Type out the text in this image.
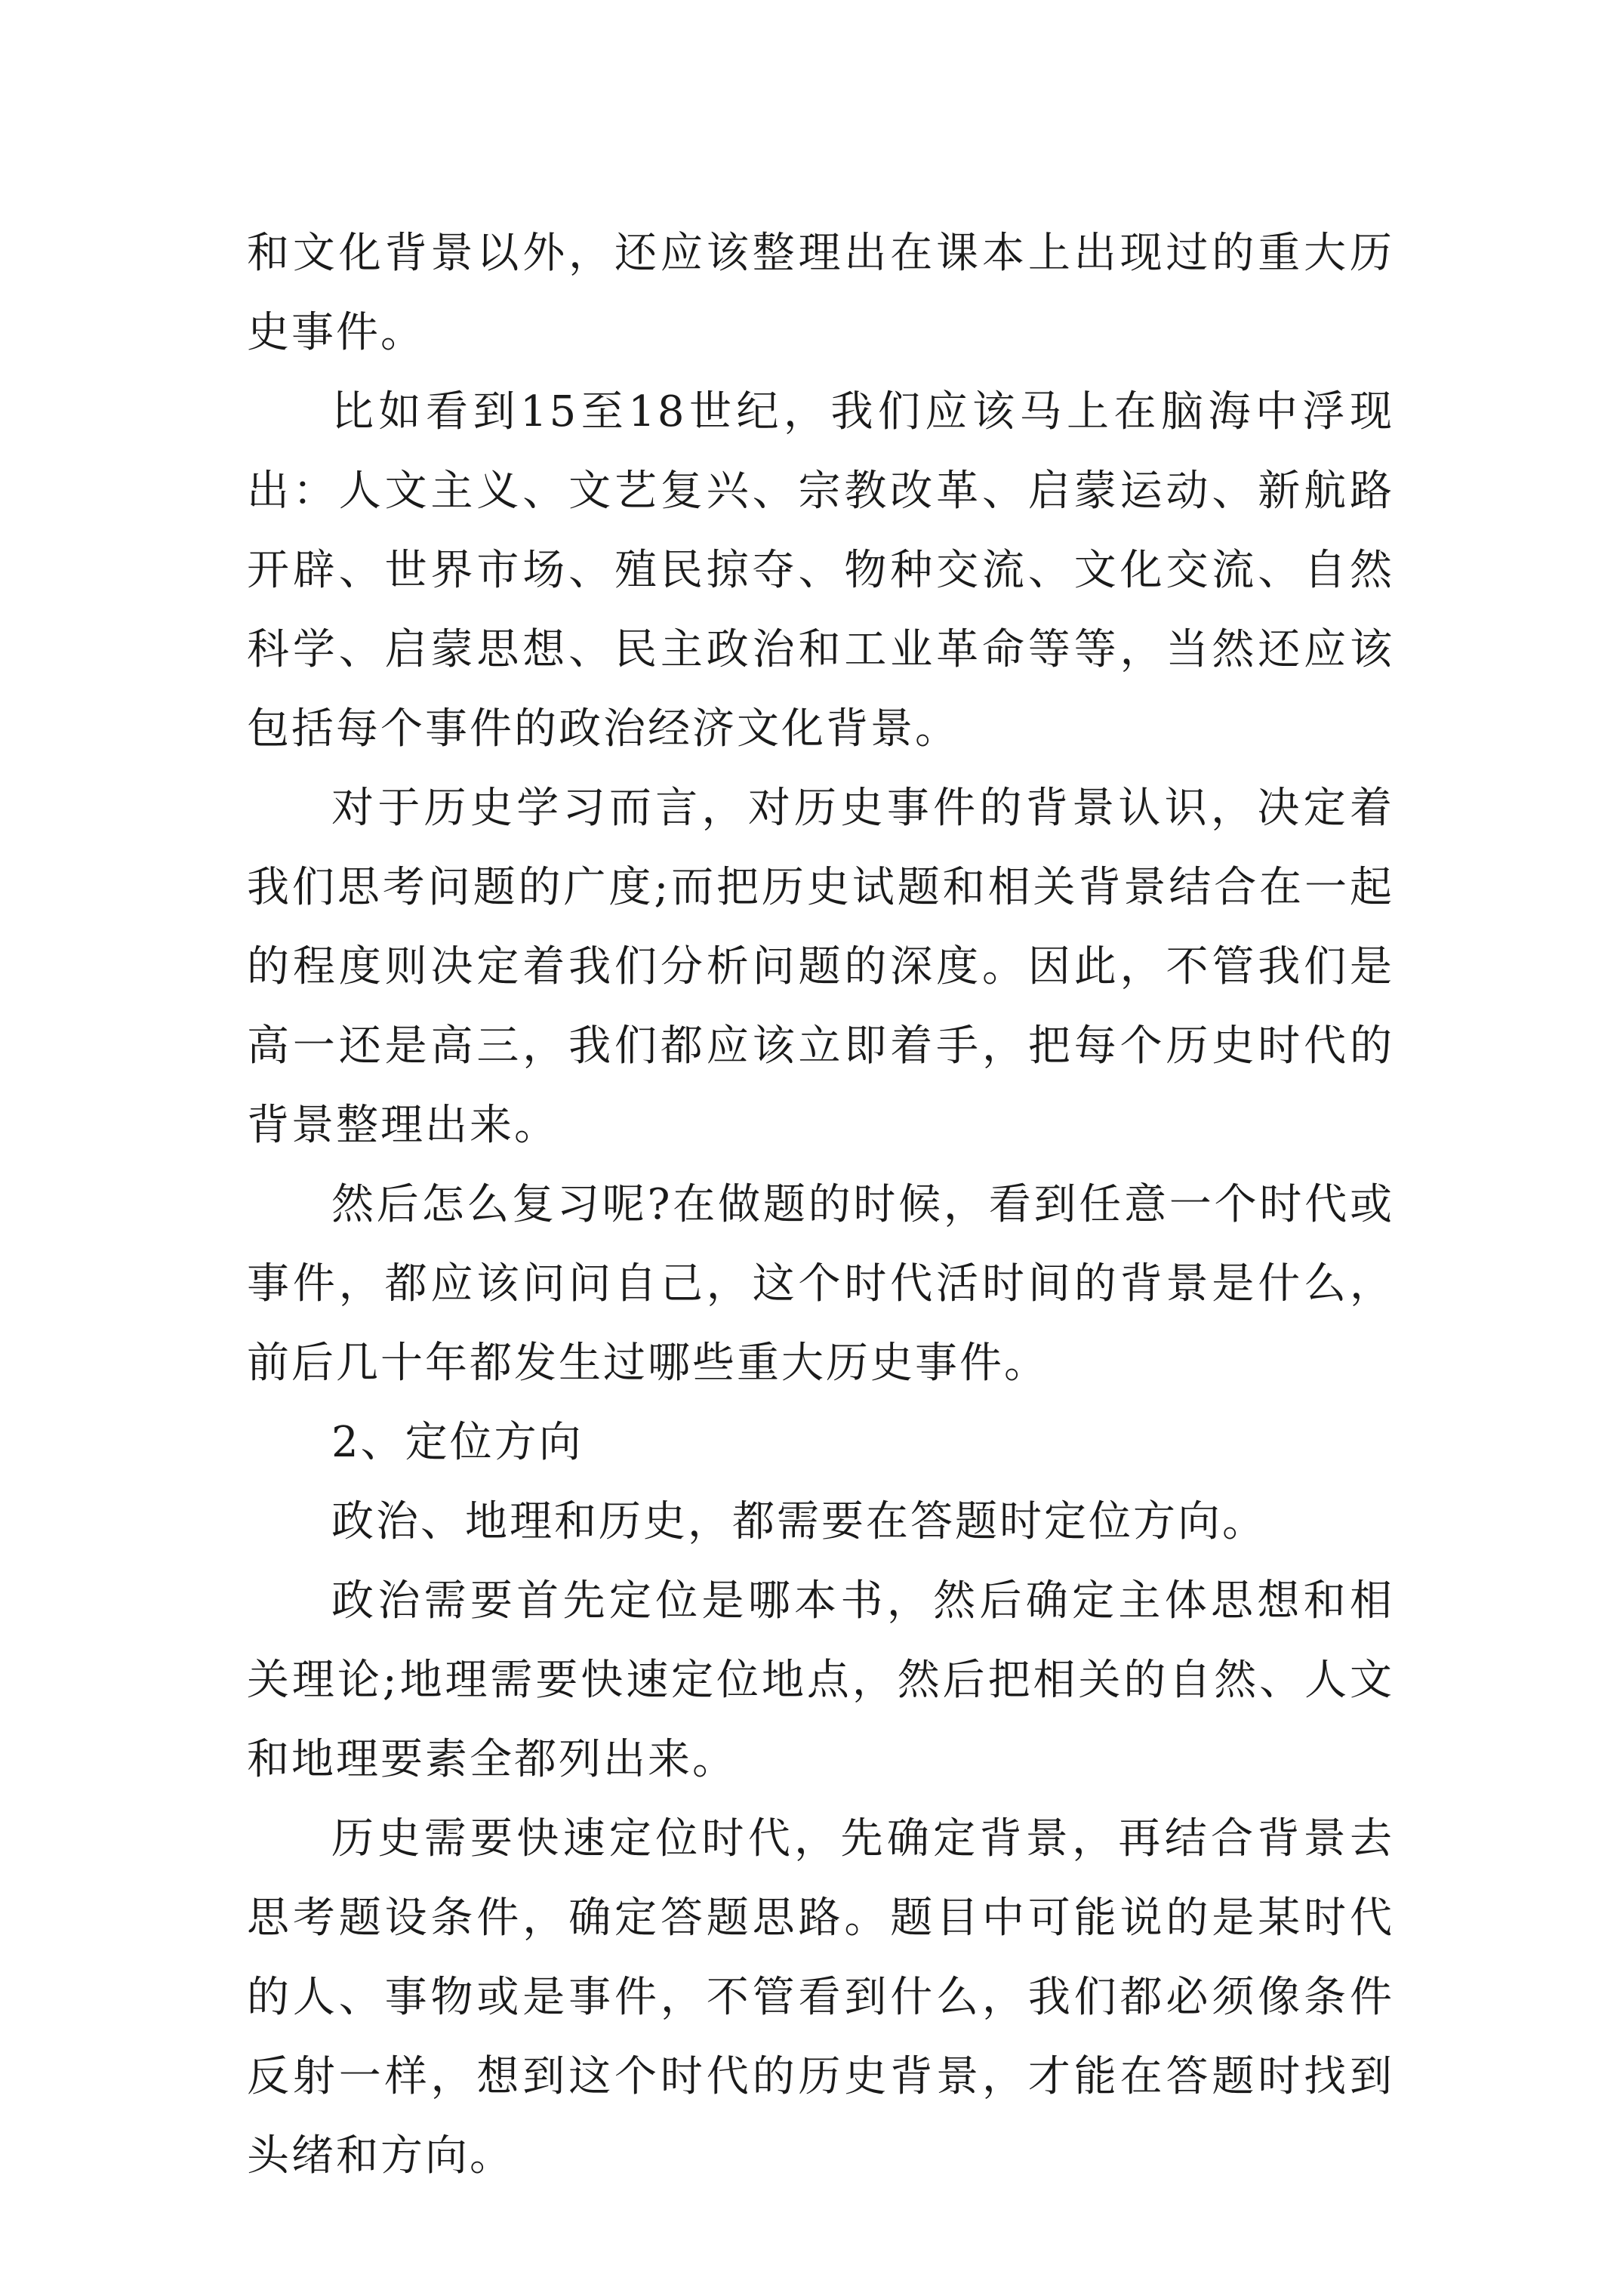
和文化背景以外，还应该整理出在课本上出现过的重大历史事件。

比如看到15至18世纪，我们应该马上在脑海中浮现出：人文主义、文艺复兴、宗教改革、启蒙运动、新航路开辟、世界市场、殖民掠夺、物种交流、文化交流、自然科学、启蒙思想、民主政治和工业革命等等，当然还应该包括每个事件的政治经济文化背景。

对于历史学习而言，对历史事件的背景认识，决定着我们思考问题的广度;而把历史试题和相关背景结合在一起的程度则决定着我们分析问题的深度。因此，不管我们是高一还是高三，我们都应该立即着手，把每个历史时代的背景整理出来。

然后怎么复习呢?在做题的时候，看到任意一个时代或事件，都应该问问自己，这个时代活时间的背景是什么，前后几十年都发生过哪些重大历史事件。

2、定位方向

政治、地理和历史，都需要在答题时定位方向。

政治需要首先定位是哪本书，然后确定主体思想和相关理论;地理需要快速定位地点，然后把相关的自然、人文和地理要素全都列出来。

历史需要快速定位时代，先确定背景，再结合背景去思考题设条件，确定答题思路。题目中可能说的是某时代的人、事物或是事件，不管看到什么，我们都必须像条件反射一样，想到这个时代的历史背景，才能在答题时找到头绪和方向。
